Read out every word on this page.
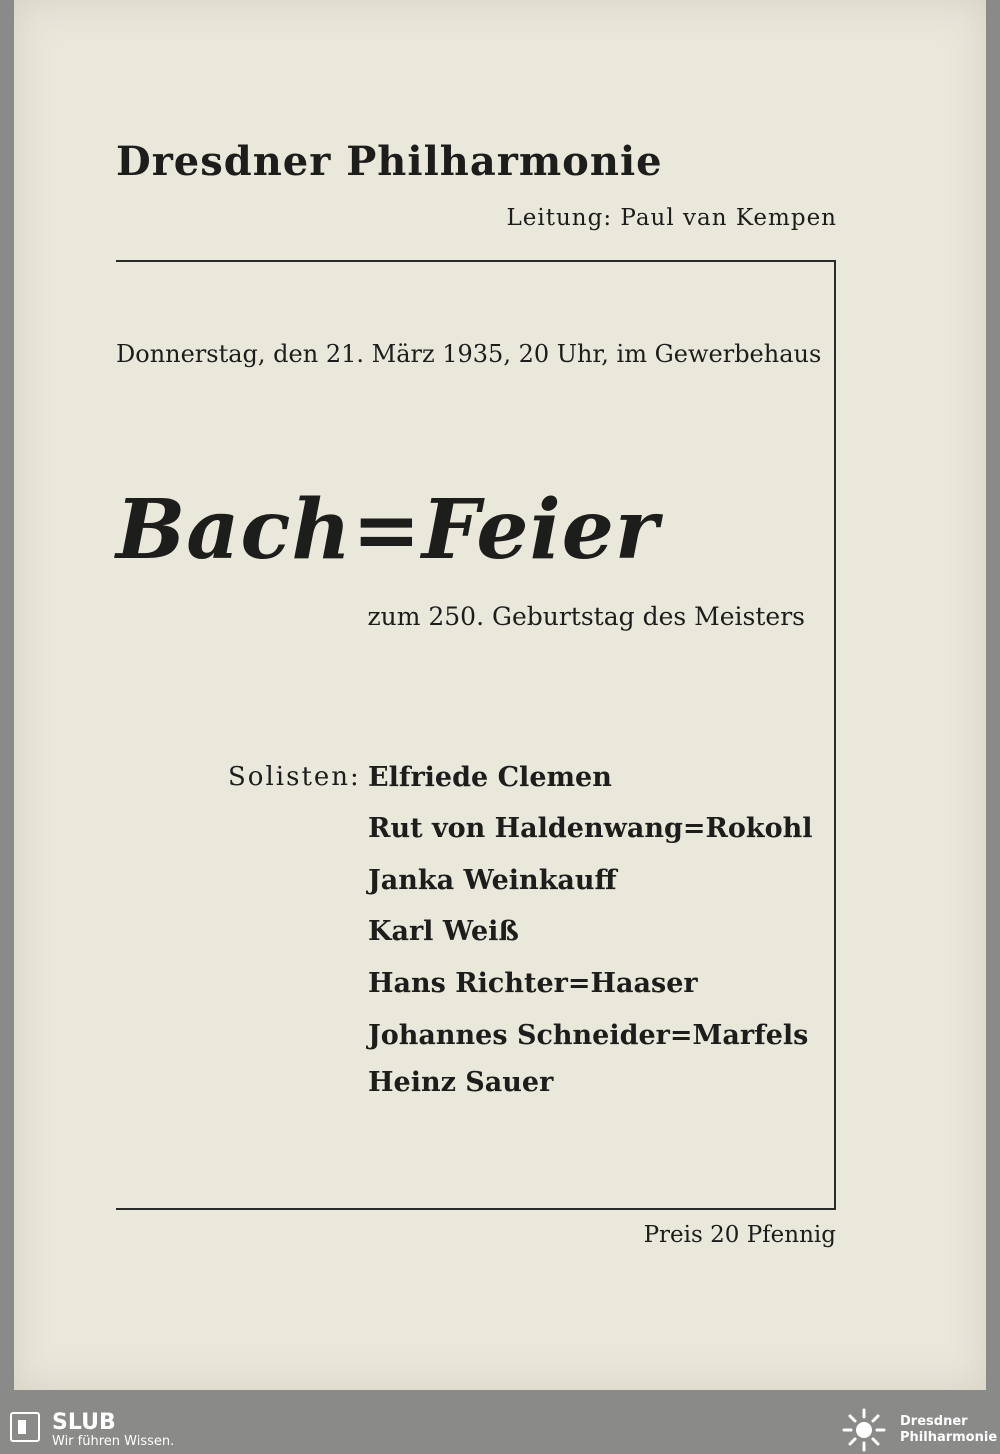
Dresdner Philharmonie
Leitung: Paul van Kempen
Donnerstag, den 21. März 1935, 20 Uhr, im Gewerbehaus
Bach=Feier
zum 250. Geburtstag des Meisters
Solisten: Elfriede Clemen
Rut von Haldenwang=Rokohl
Janka Weinkauff
Karl Weiß
Hans Richter=Haaser
Johannes Schneider=Marfels
Heinz Sauer
Preis 20 Pfennig
SLUB
Wir führen Wissen.
Dresdner
Philharmonie
